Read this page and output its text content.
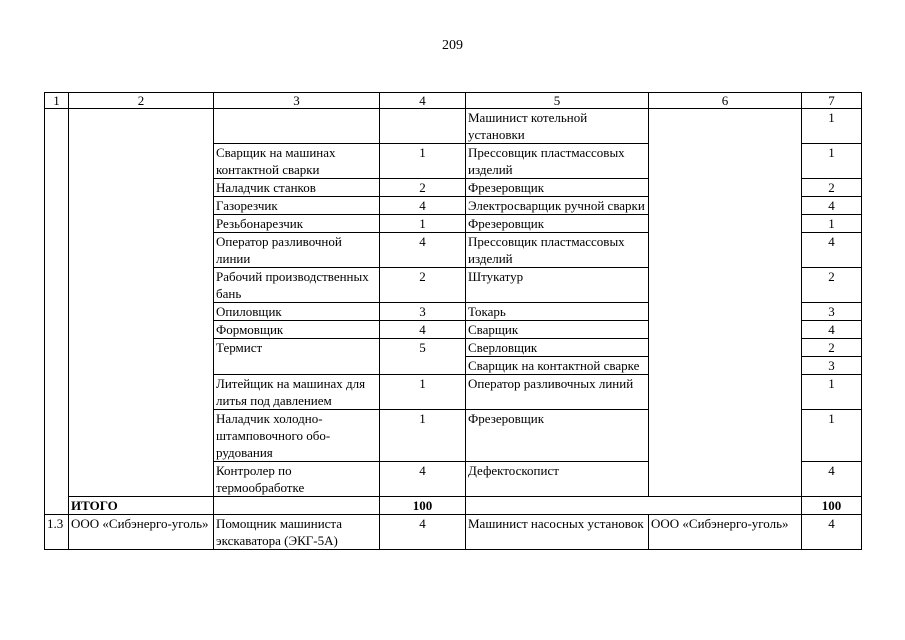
209
1	2	3	4	5	6	7
				Машинист котельной установки		1
		Сварщик на машинах контактной сварки	1	Прессовщик пластмассовых изделий		1
		Наладчик станков	2	Фрезеровщик		2
		Газорезчик	4	Электросварщик ручной сварки		4
		Резьбонарезчик	1	Фрезеровщик		1
		Оператор разливочной линии	4	Прессовщик пластмассовых изделий		4
		Рабочий производственных бань	2	Штукатур		2
		Опиловщик	3	Токарь		3
		Формовщик	4	Сварщик		4
		Термист	5	Сверловщик		2
				Сварщик на контактной сварке		3
		Литейщик на машинах для литья под давлением	1	Оператор разливочных линий		1
		Наладчик холодно-штамповочного обо-рудования	1	Фрезеровщик		1
		Контролер по термообработке	4	Дефектоскопист		4
	ИТОГО		100			100
1.3	ООО «Сибэнерго-уголь»	Помощник машиниста экскаватора (ЭКГ-5А)	4	Машинист насосных установок	ООО «Сибэнерго-уголь»	4
